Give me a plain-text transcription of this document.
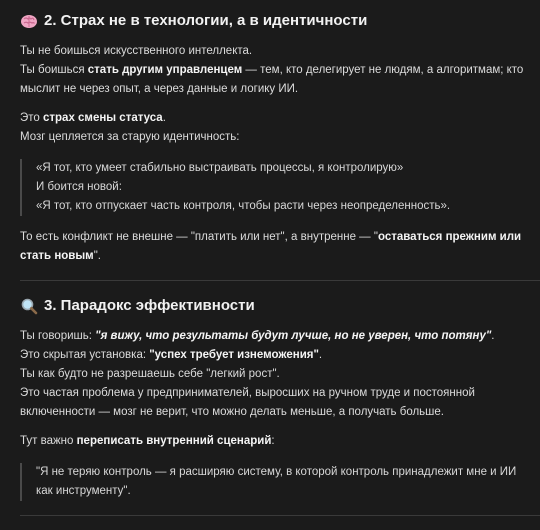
2. Страх не в технологии, а в идентичности

Ты не боишься искусственного интеллекта.

Ты боишься стать другим управленцем — тем, кто делегирует не людям, а алгоритмам; кто мыслит не через опыт, а через данные и логику ИИ.

Это страх смены статуса.

Мозг цепляется за старую идентичность:

«Я тот, кто умеет стабильно выстраивать процессы, я контролирую»

И боится новой:

«Я тот, кто отпускает часть контроля, чтобы расти через неопределенность».

То есть конфликт не внешне — "платить или нет", а внутренне — "оставаться прежним или стать новым".

3. Парадокс эффективности

Ты говоришь: "я вижу, что результаты будут лучше, но не уверен, что потяну".

Это скрытая установка: "успех требует изнеможения".

Ты как будто не разрешаешь себе "легкий рост".

Это частая проблема у предпринимателей, выросших на ручном труде и постоянной включенности — мозг не верит, что можно делать меньше, а получать больше.

Тут важно переписать внутренний сценарий:

"Я не теряю контроль — я расширяю систему, в которой контроль принадлежит мне и ИИ как инструменту".
